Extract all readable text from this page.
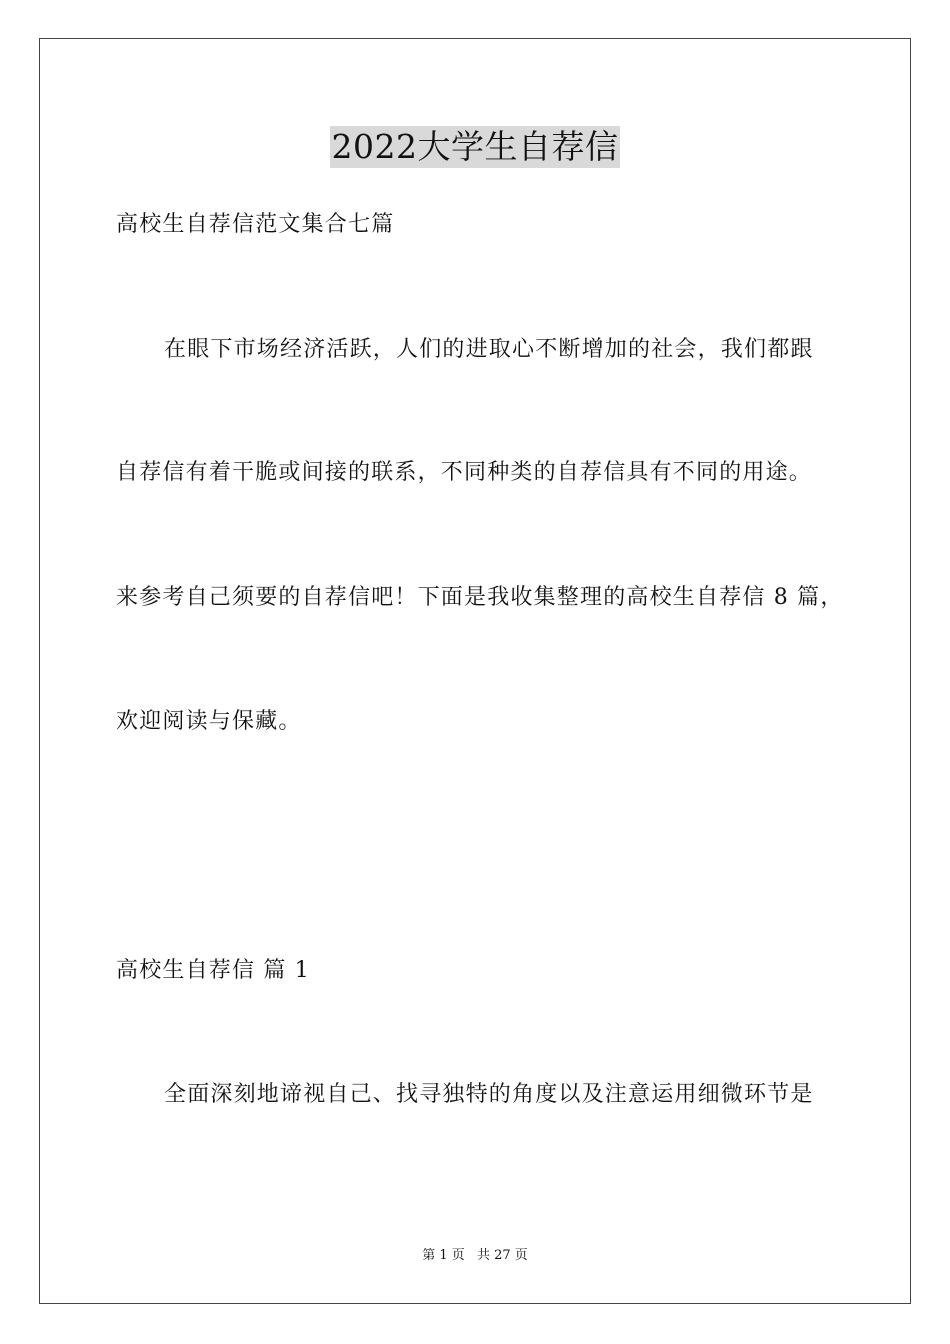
2022大学生自荐信
高校生自荐信范文集合七篇
在眼下市场经济活跃，人们的进取心不断增加的社会，我们都跟
自荐信有着干脆或间接的联系，不同种类的自荐信具有不同的用途。
来参考自己须要的自荐信吧！下面是我收集整理的高校生自荐信 8 篇，
欢迎阅读与保藏。
高校生自荐信 篇 1
全面深刻地谛视自己、找寻独特的角度以及注意运用细微环节是
第 1 页 共 27 页
